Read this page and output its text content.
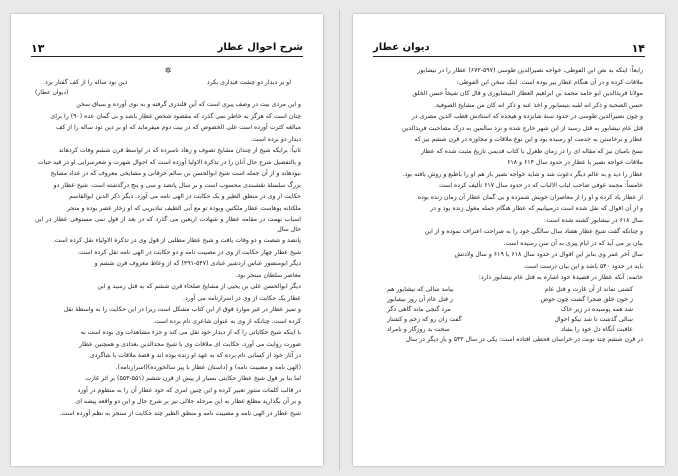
۱۳	شرح احوال عطار
✲
او بر دیدار دو چشت فیداری بکرد
دین نود ساله را از کف گفتار برد
(دیوان عطار)
و این مردی بیت در وصف پیری است که آین قلندری گرفته و به نوی آورده و سیاق سخن
چنان است که هرگز به خاطر نمی گذرد که مقصود شخص عطار باشد و بی گمان عده (۹۰) را برای
مبالغه کثرت آورده است علی الخصوص که در بیت دوم میفرماید که او بر دین نود ساله را از کف
دیدار دو برده است.
ثانیاً: برایکه شیخ از چندان مشایخ تصوف و زهاد نامبرده که در اواسط قرن ششم وفات کردهاند
و بالتفصیل شرح حال آنان را در تذکره الاولیا آورده است که احوال شهرت و شعرسرایی او در قید حیات
نبودهاند و از آن جمله است شیخ ابوالحسن بن سالم خرقانی و مشایخی معروف که در عداد مشایخ
بزرگ سلسلهٔ نقشبندی محسوب است و بر سال پانصد و سی و پنج درگذشته است. شیخ عطار دو
حکایت از وی در منطق الطیر و یک حکایت در الهی نامه می آورد. دیگر ذکر الدین ابوالقاسم
ملکتانه یوهاست عطار ملکتین وبوده تو مع آبی الطیف تبادیریی که او زخار عصر بوده و منجر
اسباب نهمت در مقامه عطار و شهادت اربعین می گذرد که در بعد از قول نمی مستوفی عطار در این حال سال
پانصد و شصت و دو وفات یافت و شیخ عطار مطلبی از قول وی در تذکرة الاولیاء نقل کرده است.
شیخ عطار چهار حکایت از وی در مصیبت نامه و دو حکایت در الهی نامه نقل کرده است.
دیگر ابومنصور عباس اردشیر عبادی (۵۴۷-۴۹۱) که از وعاظ معروف قرن ششم و
معاصر سلطان سنجر بود.
دیگر ابوالحسن علی بن یحیی از مشایخ صلحاء قرن ششم که به قتل رسید و ابن
عطار یک حکایت از وی در اسرارنامه می آورد.
و تمیز عطار در غیر موارد فوق از این کتاب مشکل است زیرا در این حکایت را به واسطهٔ نقل
کرده است. چنانکه از وی به عنوان شاعری نام برده است.
با اینکه شیخ حکایاتی را که از دیدار خود نقل می کند و جزء مشاهدات وی بوده است به
صورت روایت می آورد. حکایت ای ملاقات وی با شیخ مجدالدین بغدادی و همچنین عطار
در آثار خود از کسانی نام برده که به عهد او زنده بوده اند و قصهٔ ملاقات با شاگردی
(الهی نامه و مصیبت نامه) و (داستان عطار با پیر سالخورده)(اسرارنامه).
اما بنا بر قول شیخ عطار حکایتی بسیار از پیش از قرن ششم (۵۵۱-۵۵۳) بر اثر غارت
در قالب کلمات منثور تعبیر کرده و این چنین امری که خود عطار آن را به منظوم در آورد
و بر آن بگذارید مطلع عطار به این مرحله جلالی نیز بر شرح حال و این دو واقعه پیشه ای
شیخ عطار در الهی نامه و مصیبت نامه و منطق الطیر چند حکایت از سنجر به نظم آورده است.
۱۴
دیوان عطار
رابعاً: اینکه به نص ابن الفوطی، خواجه نصیرالدین طوسی (۵۹۷-۶۷۲) عطار را در نیشابور
ملاقات کرده و در آن هنگام عطار پیر بوده است. اینک سخن ابن الفوطی:
مولانا فریدالدین ابو حامد محمد بن ابراهیم العطار النیشابوری و قال کان شیخاً حسن الخلق
حسن الصحبة و ذکر انه لقیه بنیسابور و اخذ عنه و ذکر انه کان من مشایخ الصوفیة.
و چون نصیرالدین طوسی در حدود سنهٔ شانزده و هیجده که استادش قطب الدین مصری در
قتل عام نیشابور به قتل رسید از این شهر خارج شده و نزد سالمین به درک مصاحبت فریدالدین
عطار و برخاستن به خدمت او رسیده بود و این نوع ملاقات و محاوره در قرن ششم نیز که
نسخ بامیان نیز که مقاله ای را در زمان طغرل با کتاب قدیمی تاریخ مثبت شده که عطار
ملاقات خواجه نصیر با عطار در حدود سال ۶۱۴ و ۶۱۸
عطار را دید و به عالم دیگر دعوت شد و شاید خواجه نصیر باز هم او را باطبع و روش یافته بود.
خامساً: محمد عوفی صاحب لباب الالباب که در حدود سال ۶۱۷ تألیف کرده است
از عطار یاد کرده و او را از معاصران خویش شمرده و بی گمان عطار آن زمان زنده بوده
و از آن اقوال که نقل شده است درمییابیم که عطار هنگام حمله مغول زنده بود و در
سال ۶۱۸ در نیشابور کشته شده است.
و چنانکه گفت شیخ عطار هفتاد سال سالگی خود را به صراحت اعتراف نموده و از این
بیان بر می آید که در ایام پیری به آن سن رسیده است.
سال آخر عمر وی بنابر این اقوال در حدود سال ۶۱۸ یا ۶۱۹ و سال ولادتش
باید در حدود ۵۴۰ باشد و این بیان درست است.
خاتمه: آنکه عطار در قصیدهٔ خود اشاره به قتل عام نیشابور دارد:
کشتی نماند از آن غارت و قتل عام
بیامد سالی که نیشابور هم
ز خون خلق صحرا گشت چون حوض
ز قتل عام آن روز نیشابور
شد همه پوسیده در زیر خاک
مرد گنجی ماند گاهی دگر
سالی گذشت تا شد نیکو احوال
گفت زان رو که زخم و کشتار
عاقبت آنگاه دل خود را بشاد
سخت بد روزگار و نامراد
در قرن ششم چند نوبت در خراسان قحطی افتاده است: یکی در سال ۵۳۲ و باز دیگر در سال
